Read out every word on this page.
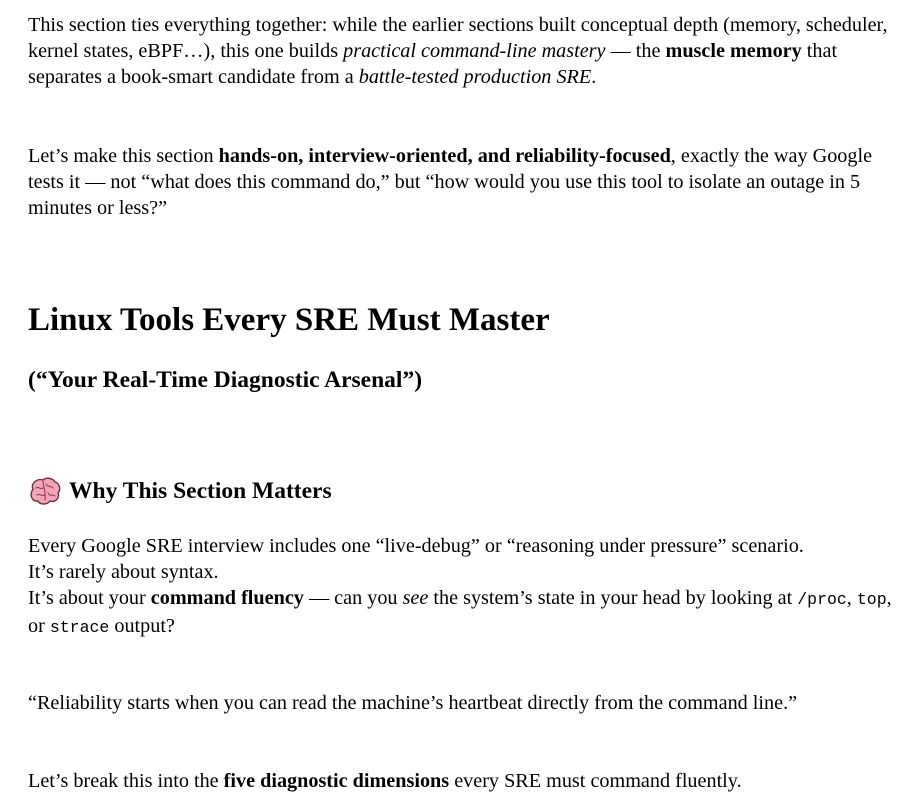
This section ties everything together: while the earlier sections built conceptual depth (memory, scheduler, kernel states, eBPF…), this one builds practical command-line mastery — the muscle memory that separates a book-smart candidate from a battle-tested production SRE.

Let’s make this section hands-on, interview-oriented, and reliability-focused, exactly the way Google tests it — not “what does this command do,” but “how would you use this tool to isolate an outage in 5 minutes or less?”

Linux Tools Every SRE Must Master
(“Your Real-Time Diagnostic Arsenal”)
Why This Section Matters

Every Google SRE interview includes one “live-debug” or “reasoning under pressure” scenario.

It’s rarely about syntax.

It’s about your command fluency — can you see the system’s state in your head by looking at /proc, top, or strace output?

“Reliability starts when you can read the machine’s heartbeat directly from the command line.”

Let’s break this into the five diagnostic dimensions every SRE must command fluently.
